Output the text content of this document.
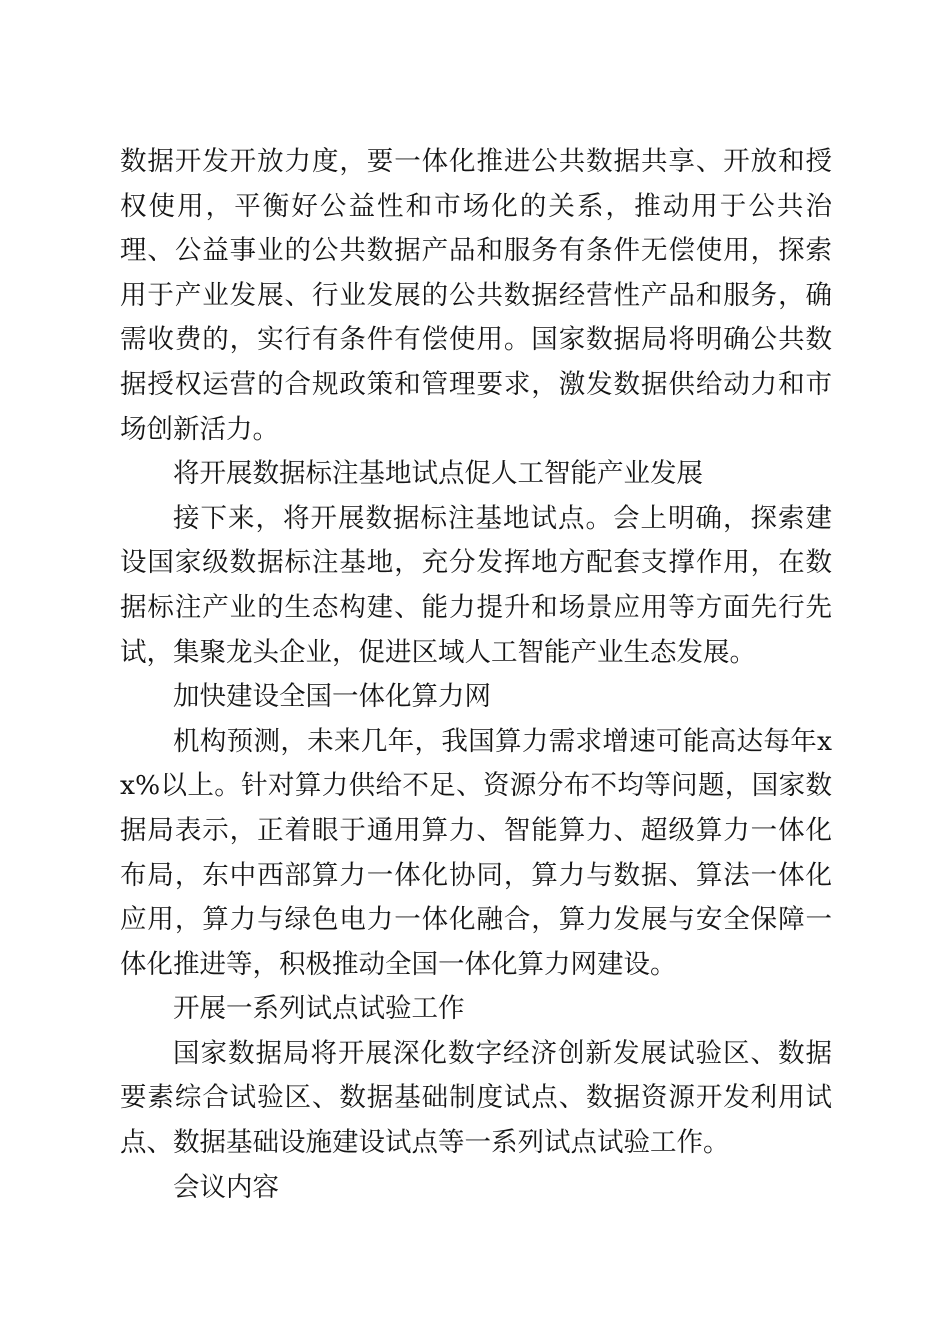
数据开发开放力度，要一体化推进公共数据共享、开放和授权使用，平衡好公益性和市场化的关系，推动用于公共治理、公益事业的公共数据产品和服务有条件无偿使用，探索用于产业发展、行业发展的公共数据经营性产品和服务，确需收费的，实行有条件有偿使用。国家数据局将明确公共数据授权运营的合规政策和管理要求，激发数据供给动力和市场创新活力。

将开展数据标注基地试点促人工智能产业发展

接下来，将开展数据标注基地试点。会上明确，探索建设国家级数据标注基地，充分发挥地方配套支撑作用，在数据标注产业的生态构建、能力提升和场景应用等方面先行先试，集聚龙头企业，促进区域人工智能产业生态发展。

加快建设全国一体化算力网

机构预测，未来几年，我国算力需求增速可能高达每年xx%以上。针对算力供给不足、资源分布不均等问题，国家数据局表示，正着眼于通用算力、智能算力、超级算力一体化布局，东中西部算力一体化协同，算力与数据、算法一体化应用，算力与绿色电力一体化融合，算力发展与安全保障一体化推进等，积极推动全国一体化算力网建设。

开展一系列试点试验工作

国家数据局将开展深化数字经济创新发展试验区、数据要素综合试验区、数据基础制度试点、数据资源开发利用试点、数据基础设施建设试点等一系列试点试验工作。

会议内容
